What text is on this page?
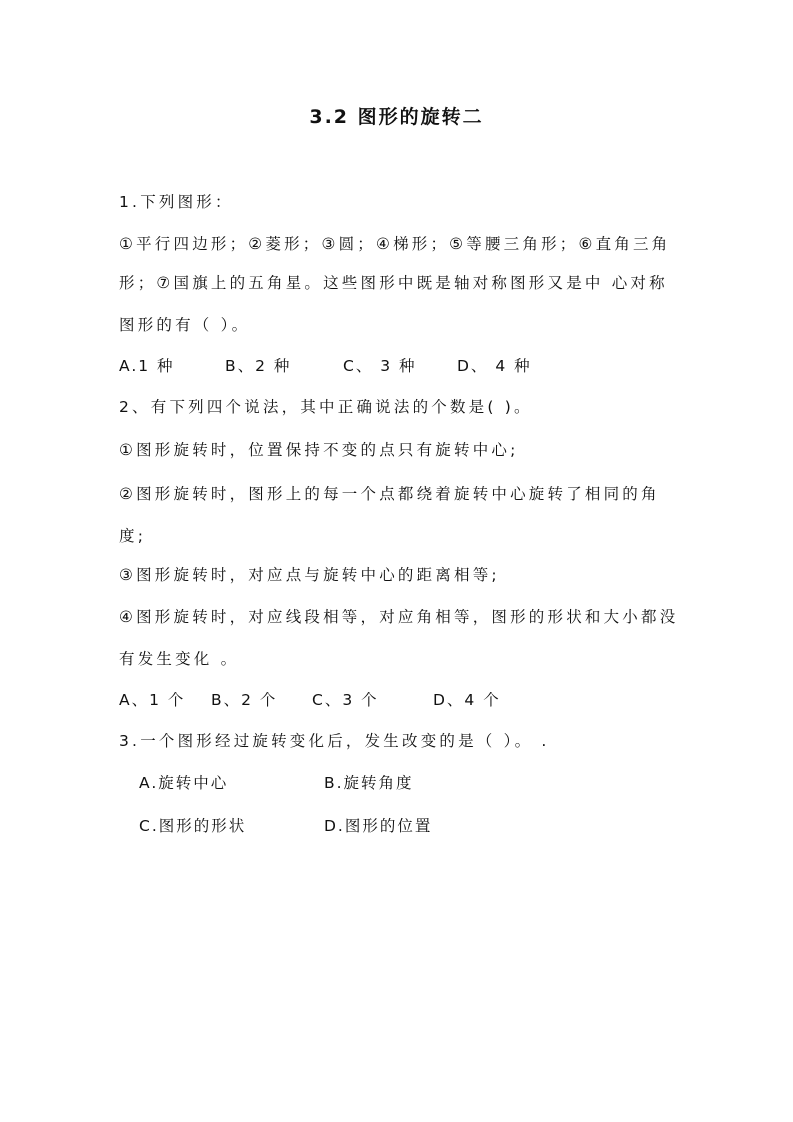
3.2 图形的旋转二
1.下列图形：
①平行四边形；②菱形；③圆；④梯形；⑤等腰三角形；⑥直角三角
形；⑦国旗上的五角星。这些图形中既是轴对称图形又是中 心对称
图形的有（ ）。
A.1 种	B、2 种	C、 3 种	D、 4 种
2、有下列四个说法，其中正确说法的个数是( )。
①图形旋转时，位置保持不变的点只有旋转中心;
②图形旋转时，图形上的每一个点都绕着旋转中心旋转了相同的角
度;
③图形旋转时，对应点与旋转中心的距离相等;
④图形旋转时，对应线段相等，对应角相等，图形的形状和大小都没
有发生变化 。
A、1 个 B、2 个 C、3 个	D、4 个
3.一个图形经过旋转变化后，发生改变的是（ ）。 .
A.旋转中心	B.旋转角度
C.图形的形状	D.图形的位置
